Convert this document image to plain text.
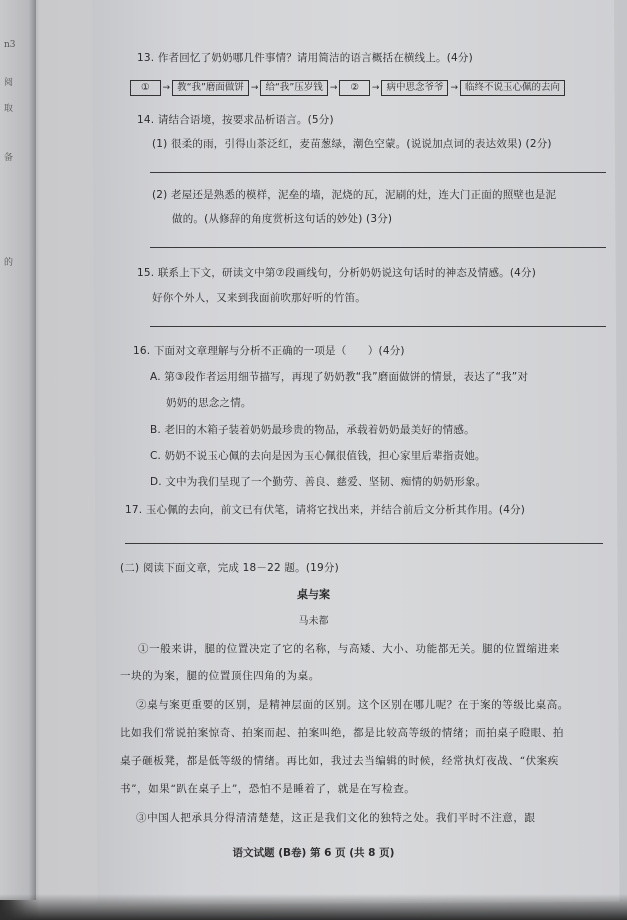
n3
阅
取
备
的
13. 作者回忆了奶奶哪几件事情？请用简洁的语言概括在横线上。(4分)
①	→ 教“我”磨面做饼 → 给“我”压岁钱 →	②	→ 病中思念爷爷 → 临终不说玉心佩的去向
14. 请结合语境，按要求品析语言。(5分)
(1) 很柔的雨，引得山茶泛红，麦苗葱绿，潮色空蒙。(说说加点词的表达效果) (2分)
(2) 老屋还是熟悉的模样，泥垒的墙，泥烧的瓦，泥刷的灶，连大门正面的照壁也是泥
做的。(从修辞的角度赏析这句话的妙处) (3分)
15. 联系上下文，研读文中第⑦段画线句，分析奶奶说这句话时的神态及情感。(4分)
好你个外人，又来到我面前吹那好听的竹笛。
16. 下面对文章理解与分析不正确的一项是（　　）(4分)
A. 第③段作者运用细节描写，再现了奶奶教“我”磨面做饼的情景，表达了“我”对
奶奶的思念之情。
B. 老旧的木箱子装着奶奶最珍贵的物品，承载着奶奶最美好的情感。
C. 奶奶不说玉心佩的去向是因为玉心佩很值钱，担心家里后辈指责她。
D. 文中为我们呈现了一个勤劳、善良、慈爱、坚韧、痴情的奶奶形象。
17. 玉心佩的去向，前文已有伏笔，请将它找出来，并结合前后文分析其作用。(4分)
(二) 阅读下面文章，完成 18－22 题。(19分)
桌与案
马未都
①一般来讲，腿的位置决定了它的名称，与高矮、大小、功能都无关。腿的位置缩进来
一块的为案，腿的位置顶住四角的为桌。
②桌与案更重要的区别，是精神层面的区别。这个区别在哪儿呢？在于案的等级比桌高。
比如我们常说拍案惊奇、拍案而起、拍案叫绝，都是比较高等级的情绪；而拍桌子瞪眼、拍
桌子砸板凳，都是低等级的情绪。再比如，我过去当编辑的时候，经常执灯夜战、“伏案疾
书”，如果“趴在桌子上”，恐怕不是睡着了，就是在写检查。
③中国人把承具分得清清楚楚，这正是我们文化的独特之处。我们平时不注意，跟
语文试题 (B卷) 第 6 页 (共 8 页)
